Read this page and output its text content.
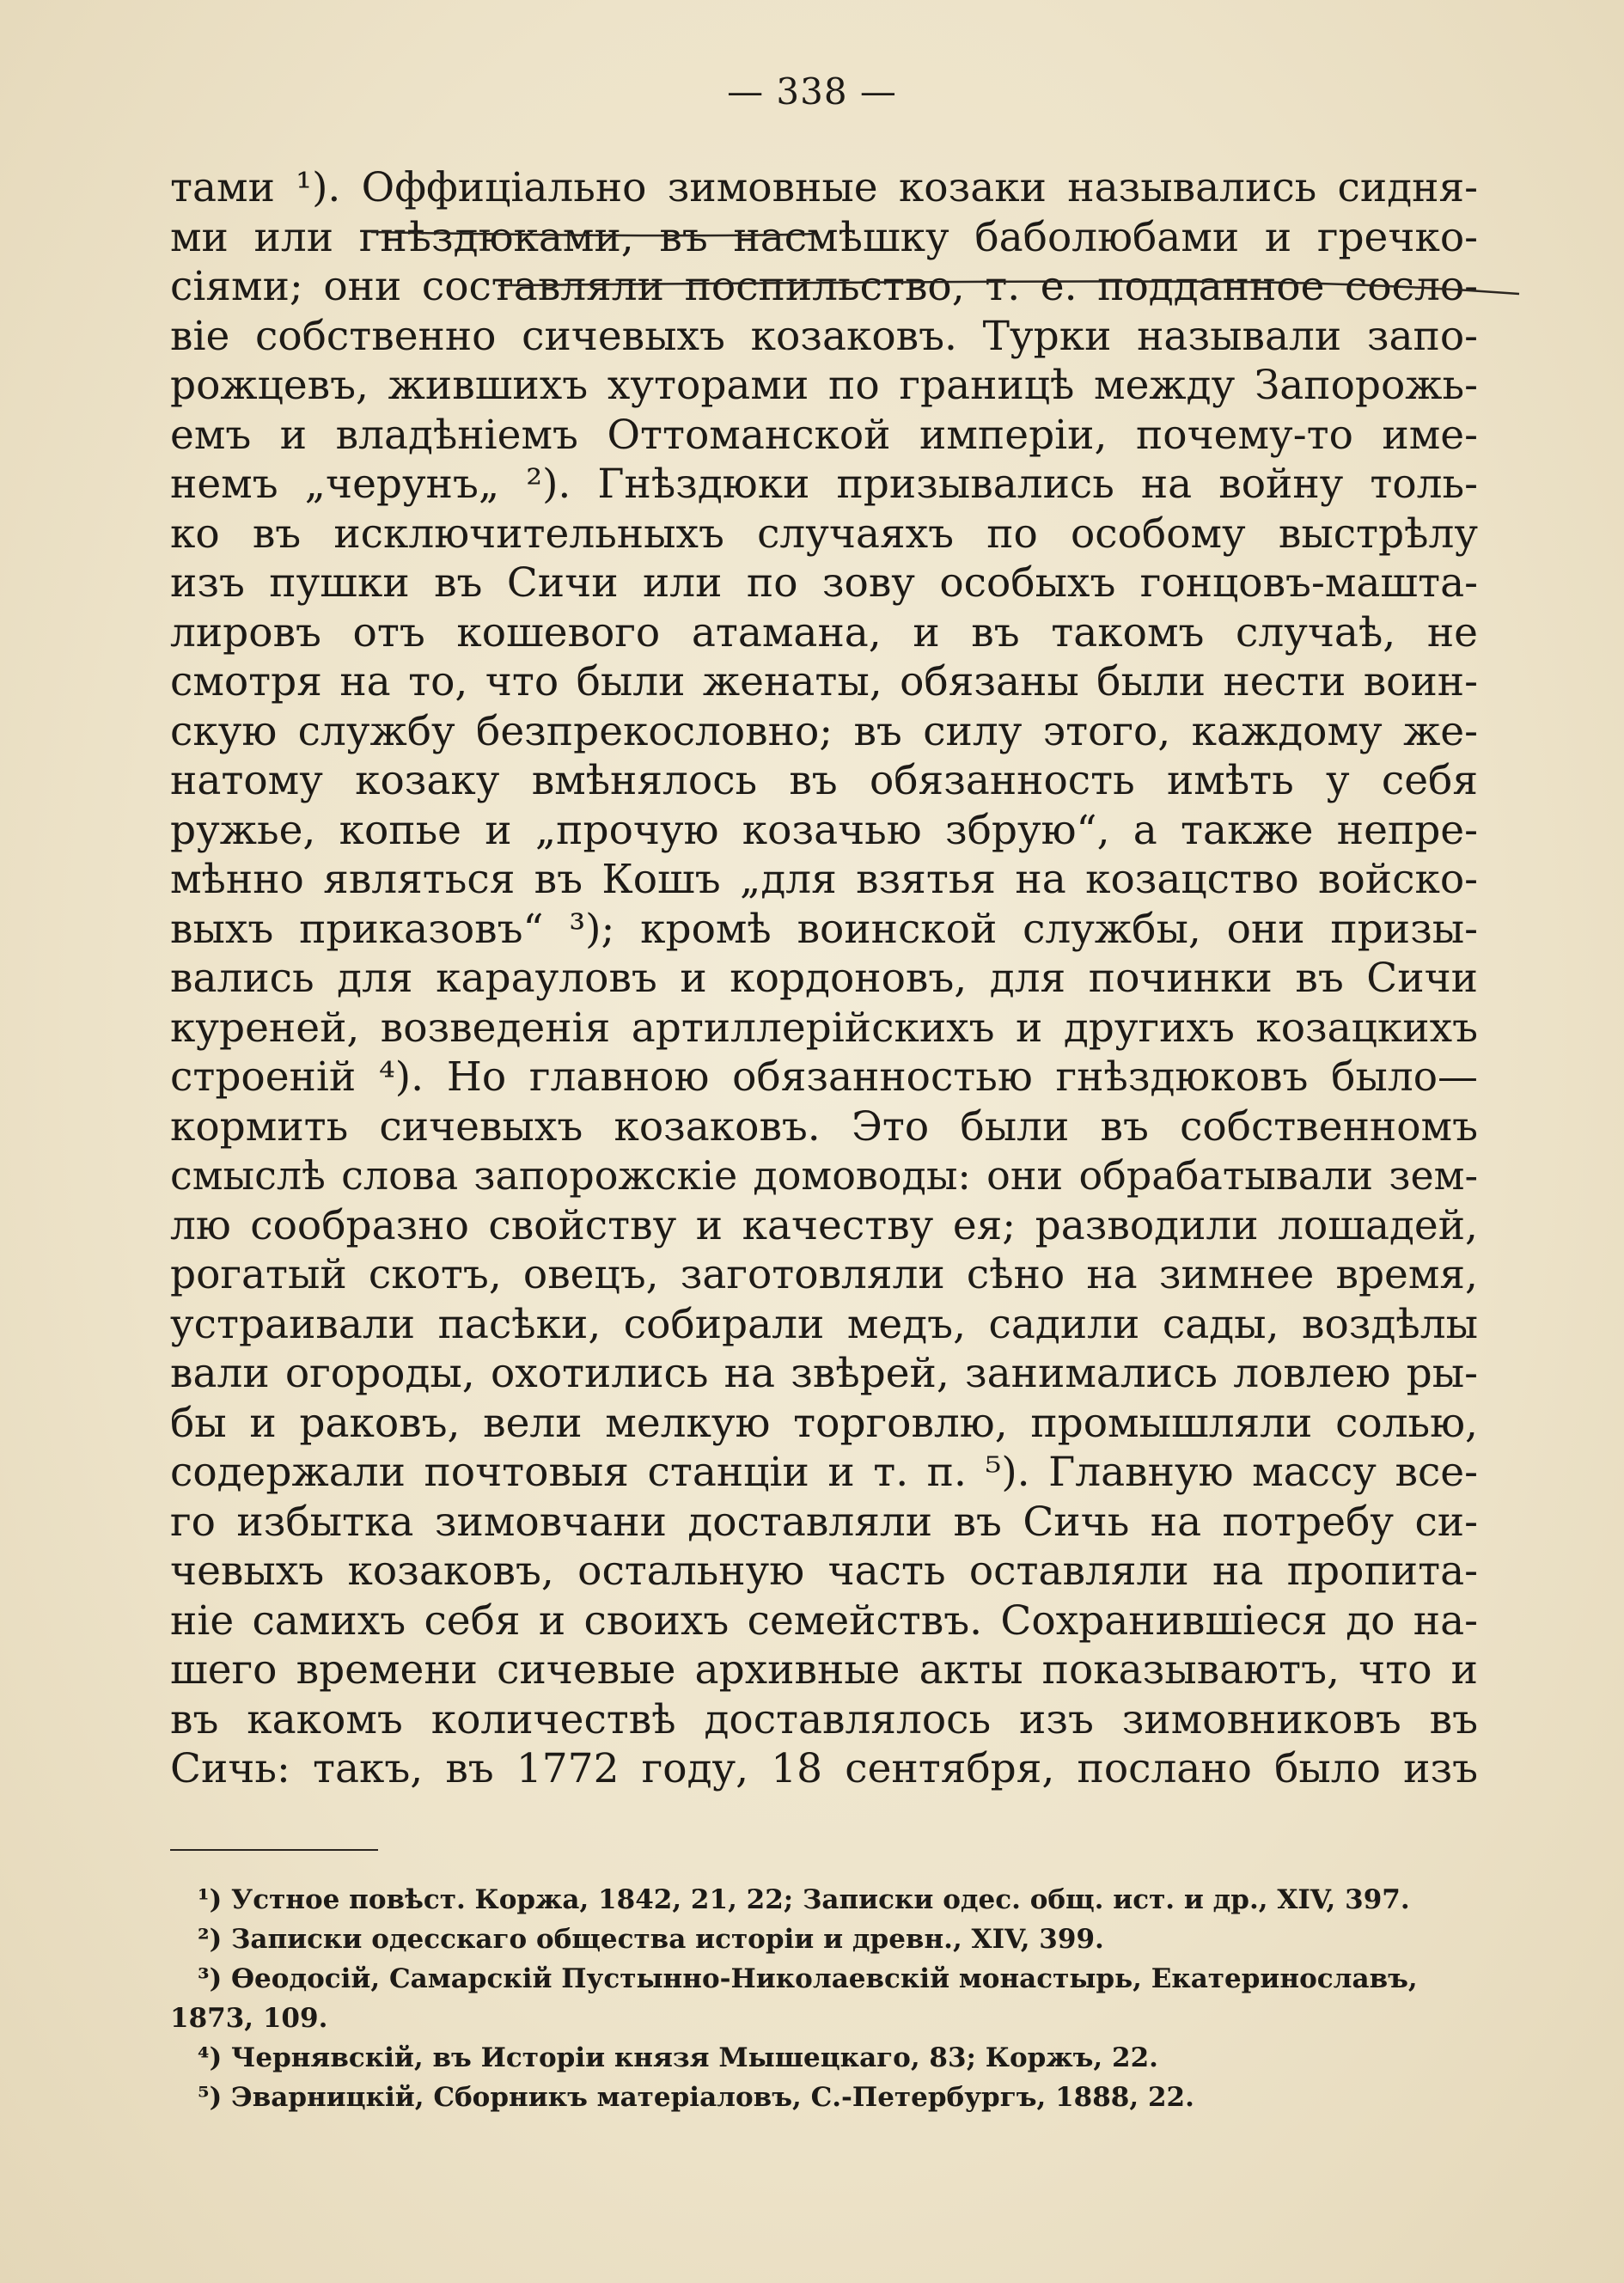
— 338 —
тами ¹). Оффиціально зимовные козаки назывались сидня-
ми или гнѣздюками, въ насмѣшку баболюбами и гречко-
сіями; они составляли поспильство, т. е. подданное сосло-
віе собственно сичевыхъ козаковъ. Турки называли запо-
рожцевъ, жившихъ хуторами по границѣ между Запорожь-
емъ и владѣніемъ Оттоманской имперіи, почему-то име-
немъ „черунъ„ ²). Гнѣздюки призывались на войну толь-
ко въ исключительныхъ случаяхъ по особому выстрѣлу
изъ пушки въ Сичи или по зову особыхъ гонцовъ-машта-
лировъ отъ кошевого атамана, и въ такомъ случаѣ, не
смотря на то, что были женаты, обязаны были нести воин-
скую службу безпрекословно; въ силу этого, каждому же-
натому козаку вмѣнялось въ обязанность имѣть у себя
ружье, копье и „прочую козачью збрую“, а также непре-
мѣнно являться въ Кошъ „для взятья на козацство войско-
выхъ приказовъ“ ³); кромѣ воинской службы, они призы-
вались для карауловъ и кордоновъ, для починки въ Сичи
куреней, возведенія артиллерійскихъ и другихъ козацкихъ
строеній ⁴). Но главною обязанностью гнѣздюковъ было—
кормить сичевыхъ козаковъ. Это были въ собственномъ
смыслѣ слова запорожскіе домоводы: они обрабатывали зем-
лю сообразно свойству и качеству ея; разводили лошадей,
рогатый скотъ, овецъ, заготовляли сѣно на зимнее время,
устраивали пасѣки, собирали медъ, садили сады, воздѣлы
вали огороды, охотились на звѣрей, занимались ловлею ры-
бы и раковъ, вели мелкую торговлю, промышляли солью,
содержали почтовыя станціи и т. п. ⁵). Главную массу все-
го избытка зимовчани доставляли въ Сичь на потребу си-
чевыхъ козаковъ, остальную часть оставляли на пропита-
ніе самихъ себя и своихъ семействъ. Сохранившіеся до на-
шего времени сичевые архивные акты показываютъ, что и
въ какомъ количествѣ доставлялось изъ зимовниковъ въ
Сичь: такъ, въ 1772 году, 18 сентября, послано было изъ
¹) Устное повѣст. Коржа, 1842, 21, 22; Записки одес. общ. ист. и др., XIV, 397.
²) Записки одесскаго общества исторіи и древн., XIV, 399.
³) Ѳеодосій, Самарскій Пустынно-Николаевскій монастырь, Екатеринославъ,
1873, 109.
⁴) Чернявскій, въ Исторіи князя Мышецкаго, 83; Коржъ, 22.
⁵) Эварницкій, Сборникъ матеріаловъ, С.-Петербургъ, 1888, 22.
